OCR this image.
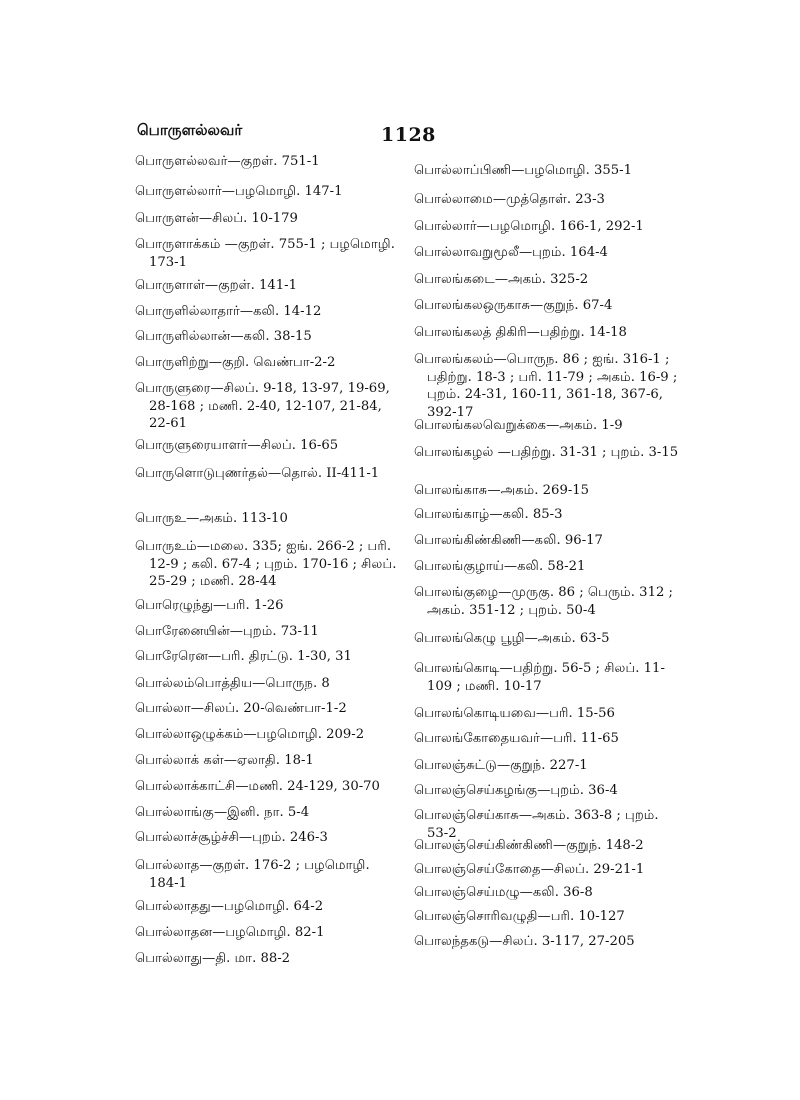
பொருளல்லவர்	1128
பொருளல்லவர்—குறள். 751-1
பொருளல்லார்—பழமொழி. 147-1
பொருளன்—சிலப். 10-179
பொருளாக்கம் —குறள். 755-1 ; பழமொழி. 173-1
பொருளாள்—குறள். 141-1
பொருளில்லாதார்—கலி. 14-12
பொருளில்லான்—கலி. 38-15
பொருளிற்று—குறி. வெண்பா-2-2
பொருளுரை—சிலப். 9-18, 13-97, 19-69, 28-168 ; மணி. 2-40, 12-107, 21-84, 22-61
பொருளுரையாளர்—சிலப். 16-65
பொருளொடுபுணர்தல்—தொல். II-411-1
பொருஉ—அகம். 113-10
பொருஉம்—மலை. 335; ஐங். 266-2 ; பரி. 12-9 ; கலி. 67-4 ; புறம். 170-16 ; சிலப். 25-29 ; மணி. 28-44
பொரெழுந்து—பரி. 1-26
பொரேனையின்—புறம். 73-11
பொரேரென—பரி. திரட்டு. 1-30, 31
பொல்லம்பொத்திய—பொருந. 8
பொல்லா—சிலப். 20-வெண்பா-1-2
பொல்லாஒழுக்கம்—பழமொழி. 209-2
பொல்லாக் கள்—ஏலாதி. 18-1
பொல்லாக்காட்சி—மணி. 24-129, 30-70
பொல்லாங்கு—இனி. நா. 5-4
பொல்லாச்சூழ்ச்சி—புறம். 246-3
பொல்லாத—குறள். 176-2 ; பழமொழி. 184-1
பொல்லாதது—பழமொழி. 64-2
பொல்லாதன—பழமொழி. 82-1
பொல்லாது—தி. மா. 88-2
பொல்லாப்பிணி—பழமொழி. 355-1
பொல்லாமை—முத்தொள். 23-3
பொல்லார்—பழமொழி. 166-1, 292-1
பொல்லாவறுமூலீ—புறம். 164-4
பொலங்கடை—அகம். 325-2
பொலங்கலஒருகாசு—குறுந். 67-4
பொலங்கலத் திகிரி—பதிற்று. 14-18
பொலங்கலம்—பொருந. 86 ; ஐங். 316-1 ; பதிற்று. 18-3 ; பரி. 11-79 ; அகம். 16-9 ; புறம். 24-31, 160-11, 361-18, 367-6, 392-17
பொலங்கலவெறுக்கை—அகம். 1-9
பொலங்கழல் —பதிற்று. 31-31 ; புறம். 3-15
பொலங்காசு—அகம். 269-15
பொலங்காழ்—கலி. 85-3
பொலங்கிண்கிணி—கலி. 96-17
பொலங்குழாய்—கலி. 58-21
பொலங்குழை—முருகு. 86 ; பெரும். 312 ; அகம். 351-12 ; புறம். 50-4
பொலங்கெழு பூழி—அகம். 63-5
பொலங்கொடி—பதிற்று. 56-5 ; சிலப். 11-109 ; மணி. 10-17
பொலங்கொடியவை—பரி. 15-56
பொலங்கோதையவர்—பரி. 11-65
பொலஞ்சுட்டு—குறுந். 227-1
பொலஞ்செய்கழங்கு—புறம். 36-4
பொலஞ்செய்காசு—அகம். 363-8 ; புறம். 53-2
பொலஞ்செய்கிண்கிணி—குறுந். 148-2
பொலஞ்செய்கோதை—சிலப். 29-21-1
பொலஞ்செய்மழு—கலி. 36-8
பொலஞ்சொரிவழுதி—பரி. 10-127
பொலந்தகடு—சிலப். 3-117, 27-205
